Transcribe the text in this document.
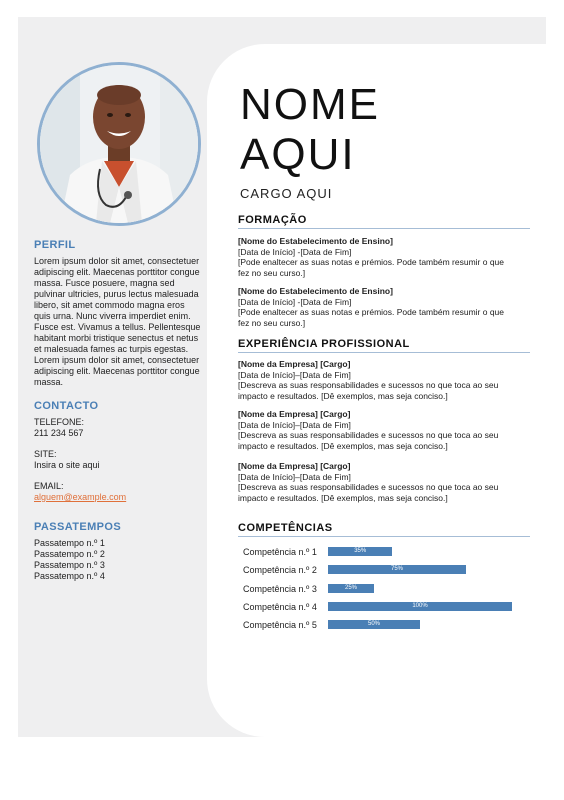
PERFIL

Lorem ipsum dolor sit amet, consectetuer adipiscing elit. Maecenas porttitor congue massa. Fusce posuere, magna sed pulvinar ultricies, purus lectus malesuada libero, sit amet commodo magna eros quis urna. Nunc viverra imperdiet enim. Fusce est. Vivamus a tellus. Pellentesque habitant morbi tristique senectus et netus et malesuada fames ac turpis egestas. Lorem ipsum dolor sit amet, consectetuer adipiscing elit. Maecenas porttitor congue massa.

CONTACTO

TELEFONE:

211 234 567

SITE:

Insira o site aqui

EMAIL:

alguem@example.com

PASSATEMPOS
Passatempo n.º 1
Passatempo n.º 2
Passatempo n.º 3
Passatempo n.º 4
NOME
AQUI
CARGO AQUI
FORMAÇÃO
[Nome do Estabelecimento de Ensino]
[Data de Início] -[Data de Fim]
[Pode enaltecer as suas notas e prémios. Pode também resumir o que
fez no seu curso.]
[Nome do Estabelecimento de Ensino]
[Data de Início] -[Data de Fim]
[Pode enaltecer as suas notas e prémios. Pode também resumir o que
fez no seu curso.]
EXPERIÊNCIA PROFISSIONAL
[Nome da Empresa] [Cargo]
[Data de Início]–[Data de Fim]
[Descreva as suas responsabilidades e sucessos no que toca ao seu
impacto e resultados. [Dê exemplos, mas seja conciso.]
[Nome da Empresa] [Cargo]
[Data de Início]–[Data de Fim]
[Descreva as suas responsabilidades e sucessos no que toca ao seu
impacto e resultados. [Dê exemplos, mas seja conciso.]
[Nome da Empresa] [Cargo]
[Data de Início]–[Data de Fim]
[Descreva as suas responsabilidades e sucessos no que toca ao seu
impacto e resultados. [Dê exemplos, mas seja conciso.]
COMPETÊNCIAS
Competência n.º 1	35%
Competência n.º 2	75%
Competência n.º 3	25%
Competência n.º 4	100%
Competência n.º 5	50%
